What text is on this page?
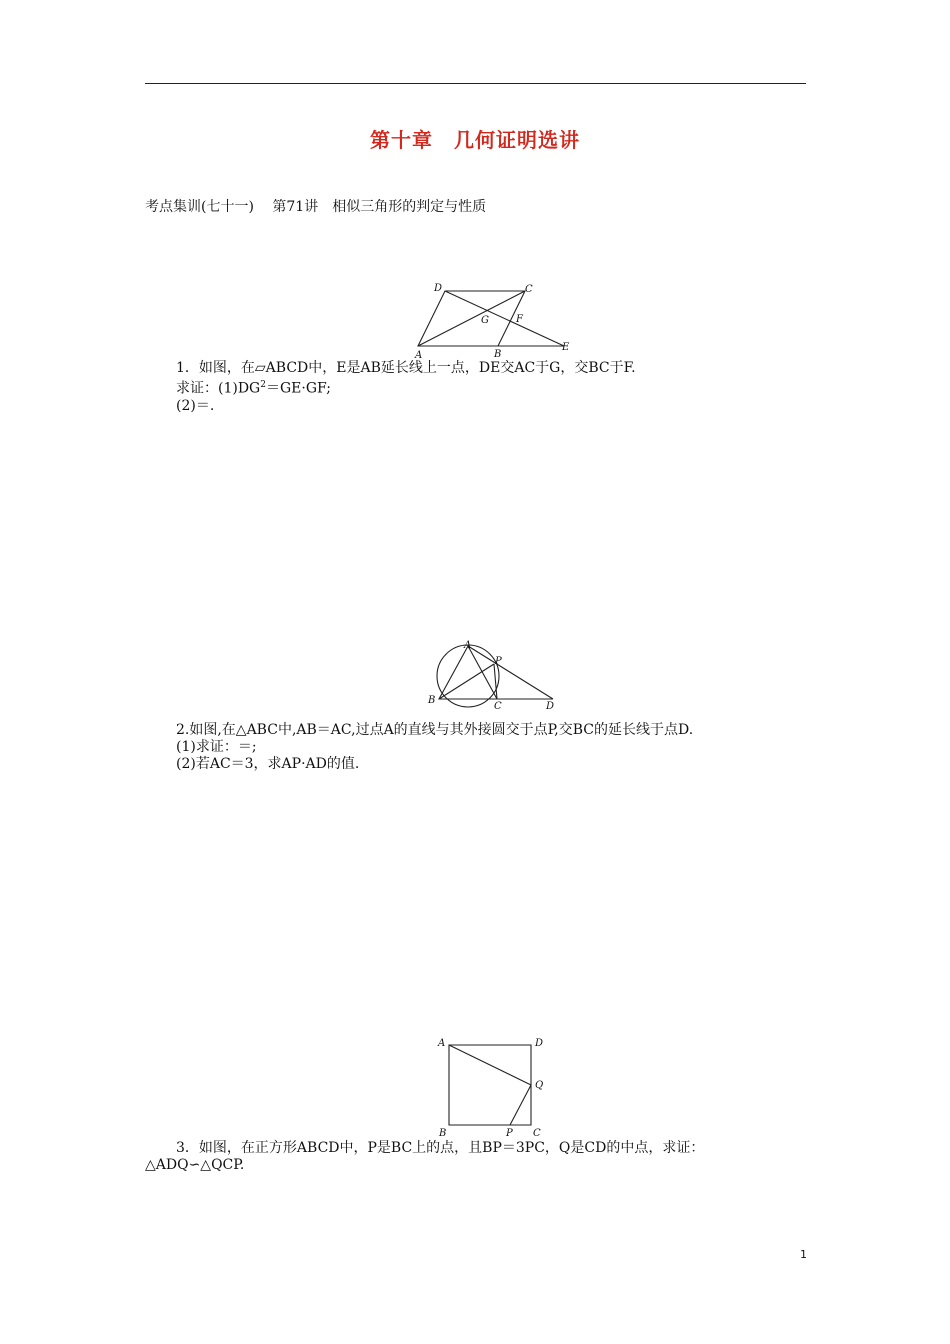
第十章　几何证明选讲
考点集训(七十一)　 第71讲　相似三角形的判定与性质
D	C
G	F
A	B
E
1．如图，在▱ABCD中，E是AB延长线上一点，DE交AC于G，交BC于F.
求证：$(1)DG^2=GE\cdot GF$;
(2)＝.
A
P
B
C	D
2.如图,在△ABC中,AB＝AC,过点A的直线与其外接圆交于点P,交BC的延长线于点D.
(1)求证：＝;
(2)若AC＝3，求AP·AD的值.
A	D
Q
B	P C
3．如图，在正方形ABCD中，P是BC上的点，且BP＝3PC，Q是CD的中点，求证：
△ADQ∽△QCP.
1
